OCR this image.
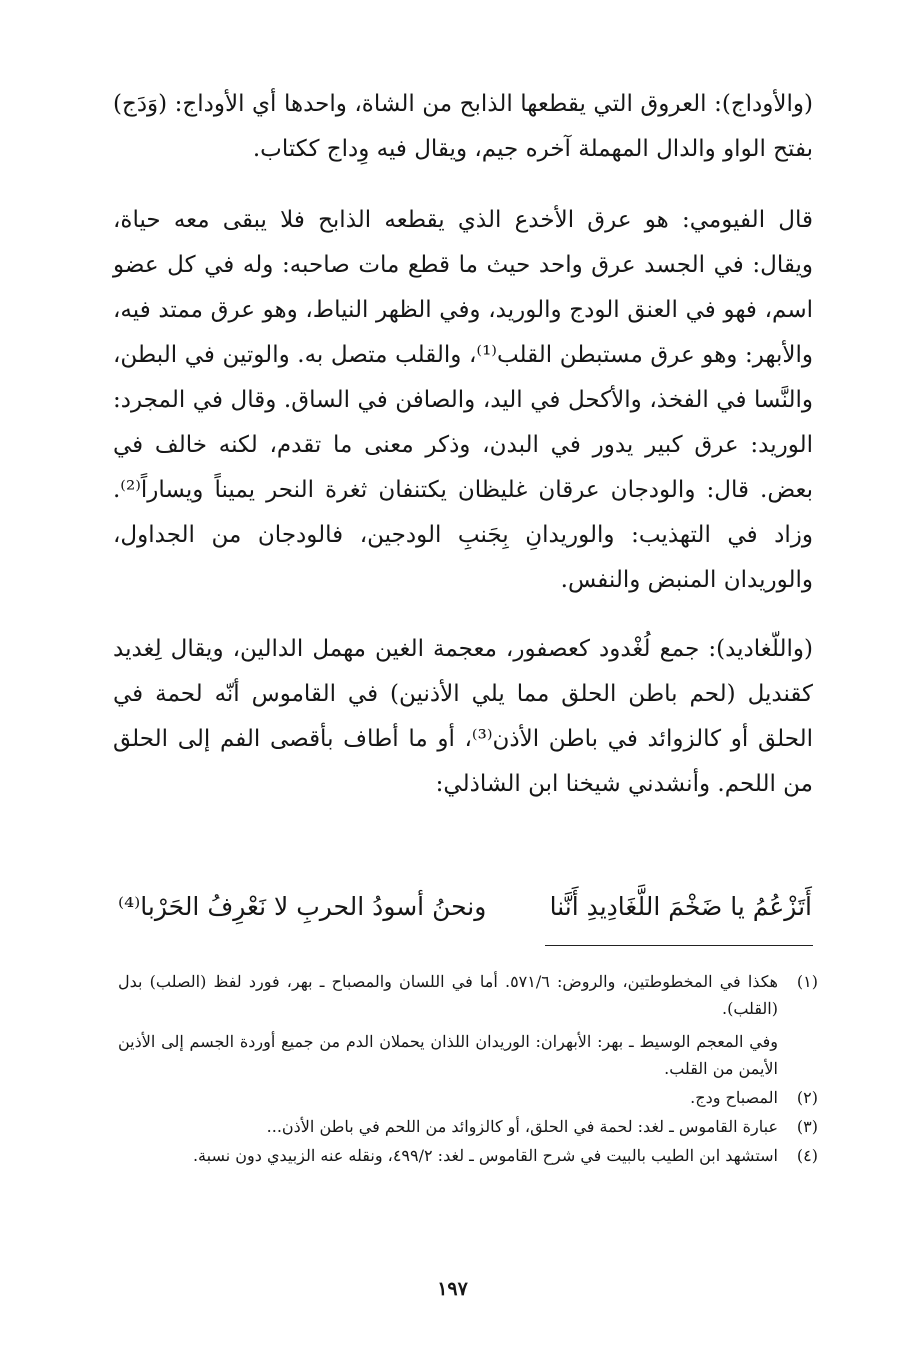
(والأوداج): العروق التي يقطعها الذابح من الشاة، واحدها أي الأوداج: (وَدَج) بفتح الواو والدال المهملة آخره جيم، ويقال فيه وِداج ككتاب.

قال الفيومي: هو عرق الأخدع الذي يقطعه الذابح فلا يبقى معه حياة، ويقال: في الجسد عرق واحد حيث ما قطع مات صاحبه: وله في كل عضو اسم، فهو في العنق الودج والوريد، وفي الظهر النياط، وهو عرق ممتد فيه، والأبهر: وهو عرق مستبطن القلب⁽¹⁾، والقلب متصل به. والوتين في البطن، والنَّسا في الفخذ، والأكحل في اليد، والصافن في الساق. وقال في المجرد: الوريد: عرق كبير يدور في البدن، وذكر معنى ما تقدم، لكنه خالف في بعض. قال: والودجان عرقان غليظان يكتنفان ثغرة النحر يميناً ويساراً⁽²⁾. وزاد في التهذيب: والوريدانِ بِجَنبِ الودجين، فالودجان من الجداول، والوريدان المنبض والنفس.

(واللّغاديد): جمع لُغْدود كعصفور، معجمة الغين مهمل الدالين، ويقال لِغديد كقنديل (لحم باطن الحلق مما يلي الأذنين) في القاموس أنّه لحمة في الحلق أو كالزوائد في باطن الأذن⁽³⁾، أو ما أطاف بأقصى الفم إلى الحلق من اللحم. وأنشدني شيخنا ابن الشاذلي:

أَتَزْعُمُ يا ضَخْمَ اللَّغَادِيدِ أَنَّنا
ونحنُ أسودُ الحربِ لا نَعْرِفُ الحَرْبا⁽⁴⁾
(١)
هكذا في المخطوطتين، والروض: ٥٧١/٦. أما في اللسان والمصباح ـ بهر، فورد لفظ (الصلب) بدل (القلب).
وفي المعجم الوسيط ـ بهر: الأبهران: الوريدان اللذان يحملان الدم من جميع أوردة الجسم إلى الأذين الأيمن من القلب.
(٢)
المصباح ودج.
(٣)
عبارة القاموس ـ لغد: لحمة في الحلق، أو كالزوائد من اللحم في باطن الأذن...
(٤)
استشهد ابن الطيب بالبيت في شرح القاموس ـ لغد: ٤٩٩/٢، ونقله عنه الزبيدي دون نسبة.
١٩٧
